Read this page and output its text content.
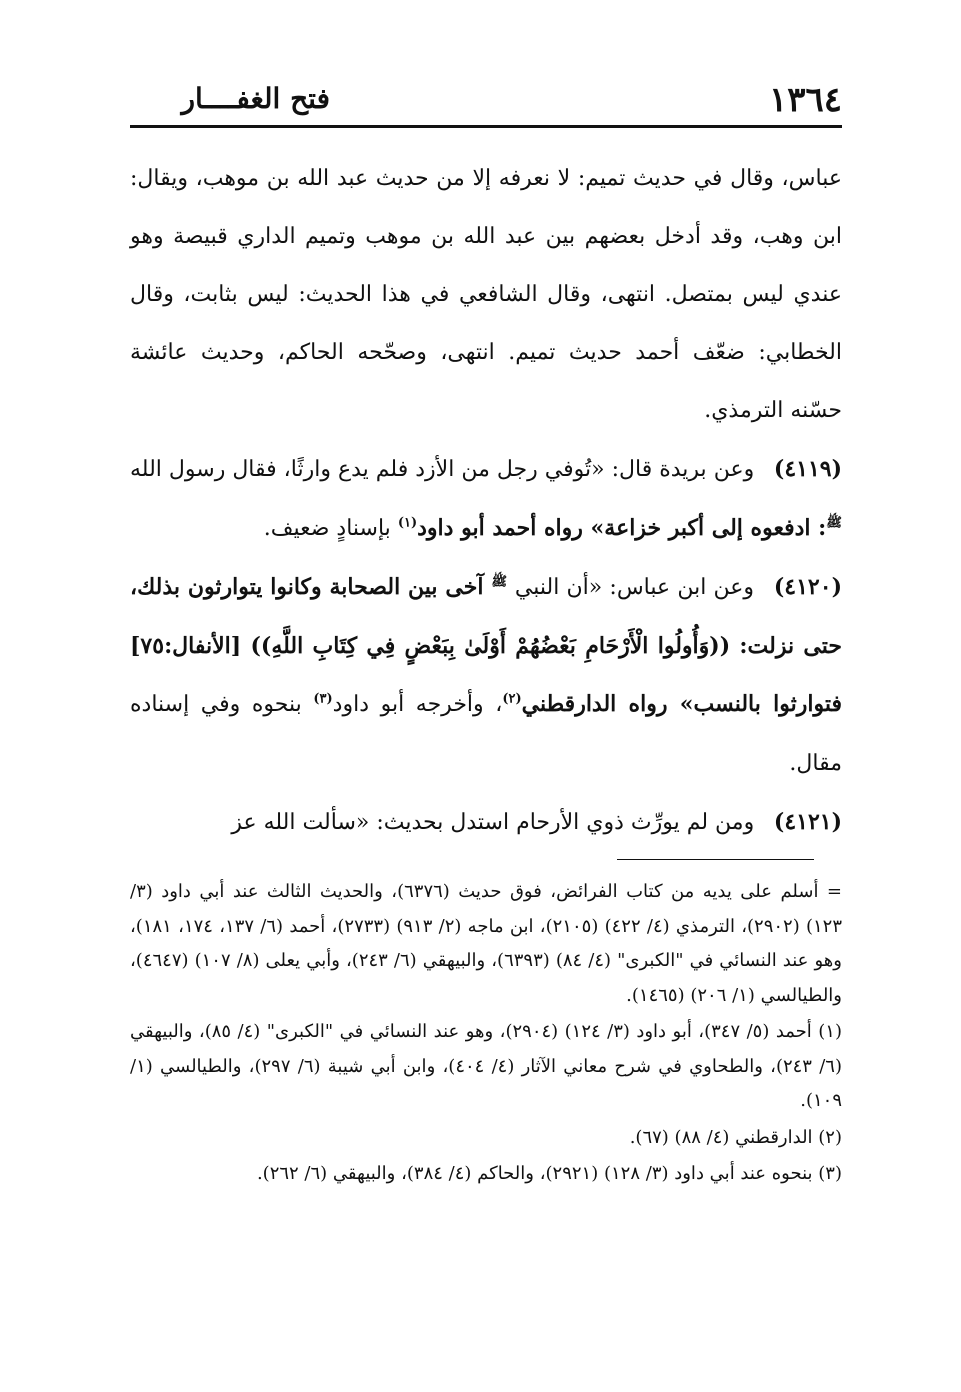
١٣٦٤
فتح الغفــــار

عباس، وقال في حديث تميم: لا نعرفه إلا من حديث عبد الله بن موهب، ويقال: ابن وهب، وقد أدخل بعضهم بين عبد الله بن موهب وتميم الداري قبيصة وهو عندي ليس بمتصل. انتهى، وقال الشافعي في هذا الحديث: ليس بثابت، وقال الخطابي: ضعّف أحمد حديث تميم. انتهى، وصحّحه الحاكم، وحديث عائشة حسّنه الترمذي.

(٤١١٩) وعن بريدة قال: «تُوفي رجل من الأزد فلم يدع وارثًا، فقال رسول الله $^ﷺ$: ادفعوه إلى أكبر خزاعة» رواه أحمد أبو داود$^{(١)}$ بإسنادٍ ضعيف.

(٤١٢٠) وعن ابن عباس: «أن النبي $^ﷺ$ آخى بين الصحابة وكانوا يتوارثون بذلك، حتى نزلت: ((وَأُولُوا الْأَرْحَامِ بَعْضُهُمْ أَوْلَىٰ بِبَعْضٍ فِي كِتَابِ اللَّهِ)) [الأنفال:٧٥] فتوارثوا بالنسب» رواه الدارقطني$^{(٢)}$، وأخرجه أبو داود$^{(٣)}$ بنحوه وفي إسناده مقال.

(٤١٢١) ومن لم يورِّث ذوي الأرحام استدل بحديث: «سألت الله عز

= أسلم على يديه من كتاب الفرائض، فوق حديث (٦٣٧٦)، والحديث الثالث عند أبي داود (٣/ ١٢٣) (٢٩٠٢)، الترمذي (٤/ ٤٢٢) (٢١٠٥)، ابن ماجه (٢/ ٩١٣) (٢٧٣٣)، أحمد (٦/ ١٣٧، ١٧٤، ١٨١)، وهو عند النسائي في "الكبرى" (٤/ ٨٤) (٦٣٩٣)، والبيهقي (٦/ ٢٤٣)، وأبي يعلى (٨/ ١٠٧) (٤٦٤٧)، والطيالسي (١/ ٢٠٦) (١٤٦٥).

(١) أحمد (٥/ ٣٤٧)، أبو داود (٣/ ١٢٤) (٢٩٠٤)، وهو عند النسائي في "الكبرى" (٤/ ٨٥)، والبيهقي (٦/ ٢٤٣)، والطحاوي في شرح معاني الآثار (٤/ ٤٠٤)، وابن أبي شيبة (٦/ ٢٩٧)، والطيالسي (١/ ١٠٩).

(٢) الدارقطني (٤/ ٨٨) (٦٧).

(٣) بنحوه عند أبي داود (٣/ ١٢٨) (٢٩٢١)، والحاكم (٤/ ٣٨٤)، والبيهقي (٦/ ٢٦٢).
